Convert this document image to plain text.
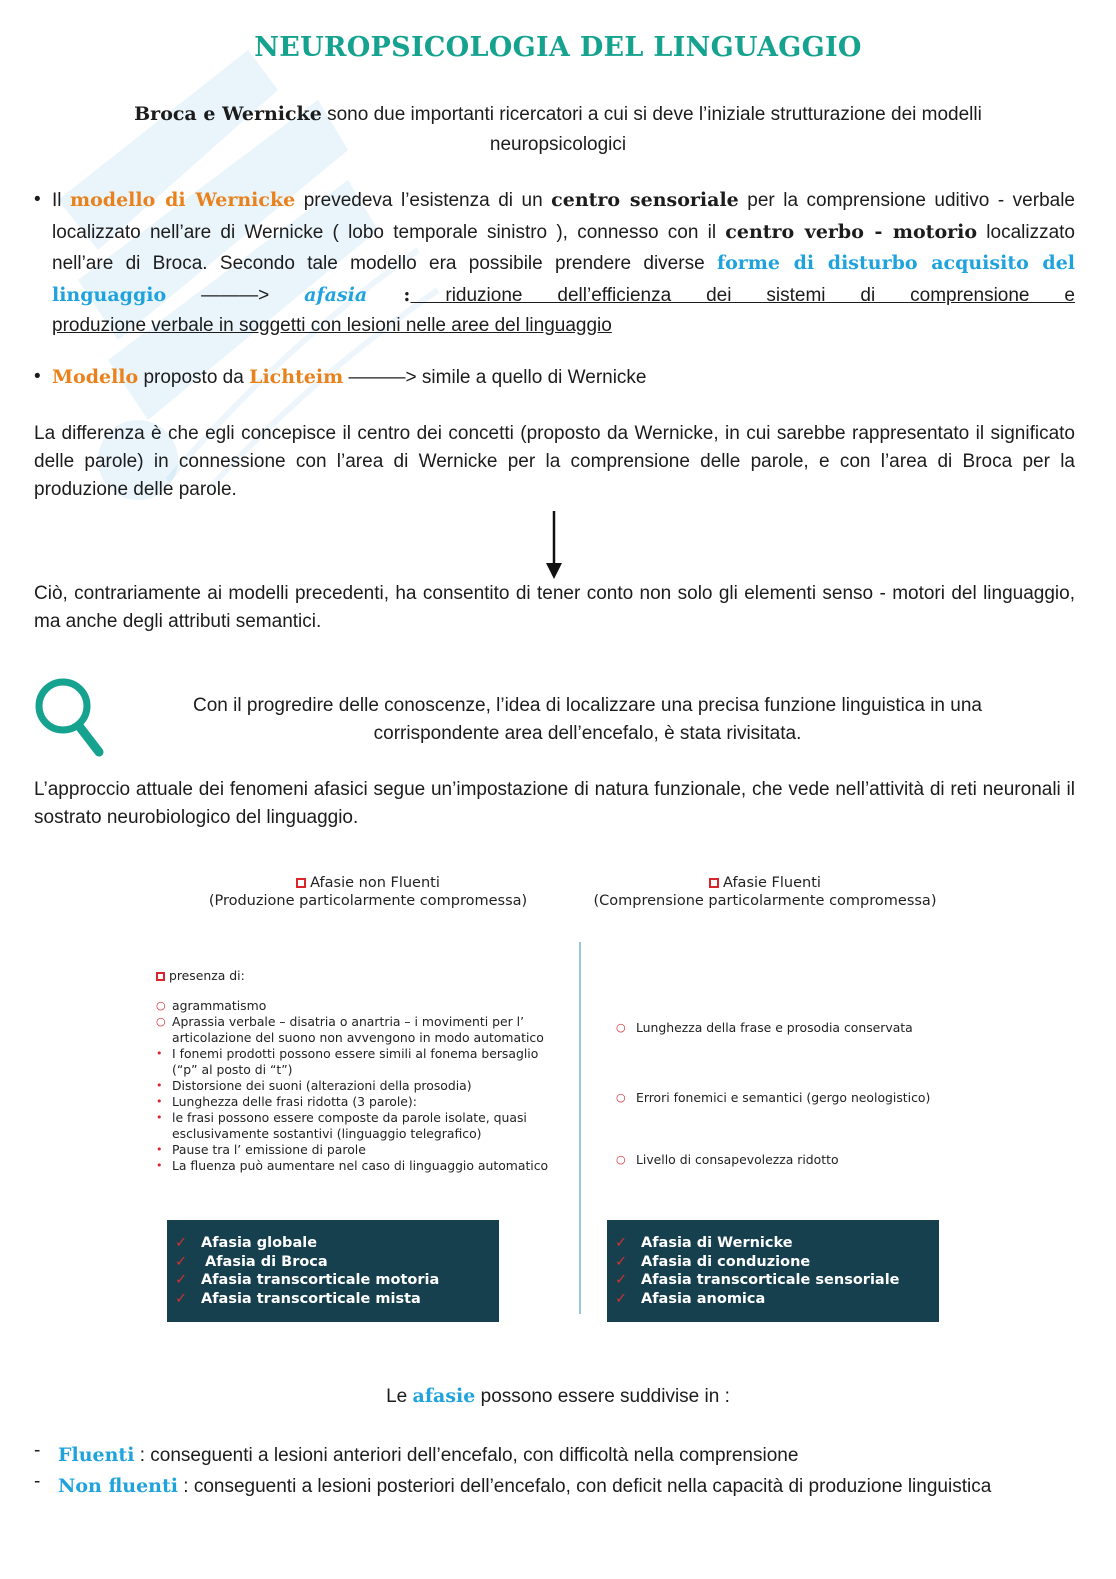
NEUROPSICOLOGIA DEL LINGUAGGIO
Broca e Wernicke sono due importanti ricercatori a cui si deve l’iniziale strutturazione dei modelli neuropsicologici
• Il modello di Wernicke prevedeva l’esistenza di un centro sensoriale per la comprensione uditivo - verbale localizzato nell’are di Wernicke ( lobo temporale sinistro ), connesso con il centro verbo - motorio localizzato nell’are di Broca. Secondo tale modello era possibile prendere diverse forme di disturbo acquisito del linguaggio ———> afasia : riduzione dell’efficienza dei sistemi di comprensione e
produzione verbale in soggetti con lesioni nelle aree del linguaggio
• Modello proposto da Lichteim ———> simile a quello di Wernicke
La differenza è che egli concepisce il centro dei concetti (proposto da Wernicke, in cui sarebbe rappresentato il significato delle parole) in connessione con l’area di Wernicke per la comprensione delle parole, e con l’area di Broca per la produzione delle parole.
Ciò, contrariamente ai modelli precedenti, ha consentito di tener conto non solo gli elementi senso - motori del linguaggio, ma anche degli attributi semantici.
Con il progredire delle conoscenze, l’idea di localizzare una precisa funzione linguistica in una corrispondente area dell’encefalo, è stata rivisitata.
L’approccio attuale dei fenomeni afasici segue un’impostazione di natura funzionale, che vede nell’attività di reti neuronali il sostrato neurobiologico del linguaggio.
Afasie non Fluenti
(Produzione particolarmente compromessa)
Afasie Fluenti
(Comprensione particolarmente compromessa)
presenza di:
○ agrammatismo
○ Aprassia verbale – disatria o anartria – i movimenti per l’ articolazione del suono non avvengono in modo automatico
• I fonemi prodotti possono essere simili al fonema bersaglio (“p” al posto di “t”)
• Distorsione dei suoni (alterazioni della prosodia)
• Lunghezza delle frasi ridotta (3 parole):
• le frasi possono essere composte da parole isolate, quasi esclusivamente sostantivi (linguaggio telegrafico)
• Pause tra l’ emissione di parole
• La fluenza può aumentare nel caso di linguaggio automatico
○ Lunghezza della frase e prosodia conservata
○ Errori fonemici e semantici (gergo neologistico)
○ Livello di consapevolezza ridotto
✓ Afasia globale
✓ Afasia di Broca
✓ Afasia transcorticale motoria
✓ Afasia transcorticale mista
✓ Afasia di Wernicke
✓ Afasia di conduzione
✓ Afasia transcorticale sensoriale
✓ Afasia anomica
Le afasie possono essere suddivise in :
- Fluenti : conseguenti a lesioni anteriori dell’encefalo, con difficoltà nella comprensione
- Non fluenti : conseguenti a lesioni posteriori dell’encefalo, con deficit nella capacità di produzione linguistica
